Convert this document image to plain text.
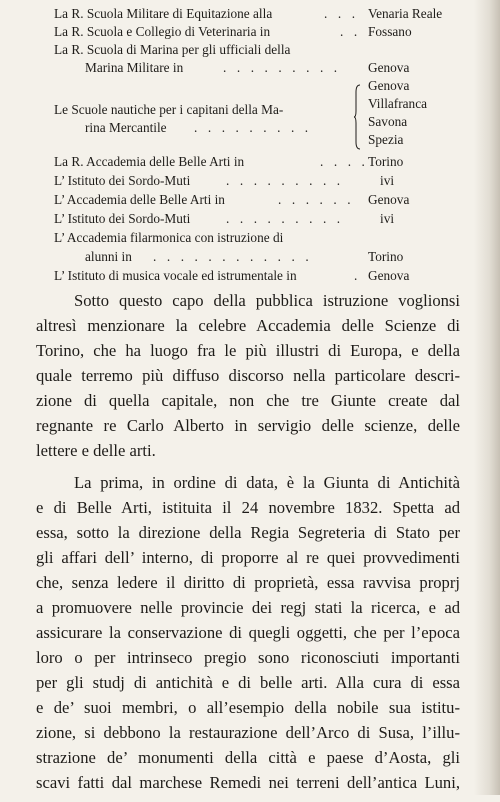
La R. Scuola Militare di Equitazione alla	. . . Venaria Reale
La R. Scuola e Collegio di Veterinaria in	. . Fossano
La R. Scuola di Marina per gli ufficiali della
Marina Militare in	. . . . . . . . . Genova
Le Scuole nautiche per i capitani della Ma-
rina Mercantile . . . . . . . . .
Genova
Villafranca
Savona
Spezia
La R. Accademia delle Belle Arti in	. . . . Torino
L’ Istituto dei Sordo-Muti	. . . . . . . . .	ivi
L’ Accademia delle Belle Arti in	. . . . . . Genova
L’ Istituto dei Sordo-Muti	. . . . . . . . .	ivi
L’ Accademia filarmonica con istruzione di
alunni in . . . . . . . . . . . .	Torino
L’ Istituto di musica vocale ed istrumentale in	. Genova
Sotto questo capo della pubblica istruzione voglionsi
altresì menzionare la celebre Accademia delle Scienze di
Torino, che ha luogo fra le più illustri di Europa, e della
quale terremo più diffuso discorso nella particolare descri-
zione di quella capitale, non che tre Giunte create dal
regnante re Carlo Alberto in servigio delle scienze, delle
lettere e delle arti.
La prima, in ordine di data, è la Giunta di Antichità
e di Belle Arti, istituita il 24 novembre 1832. Spetta ad
essa, sotto la direzione della Regia Segreteria di Stato per
gli affari dell’ interno, di proporre al re quei provvedimenti
che, senza ledere il diritto di proprietà, essa ravvisa proprj
a promuovere nelle provincie dei regj stati la ricerca, e ad
assicurare la conservazione di quegli oggetti, che per l’epoca
loro o per intrinseco pregio sono riconosciuti importanti
per gli studj di antichità e di belle arti. Alla cura di essa
e de’ suoi membri, o all’esempio della nobile sua istitu-
zione, si debbono la restaurazione dell’Arco di Susa, l’illu-
strazione de’ monumenti della città e paese d’Aosta, gli
scavi fatti dal marchese Remedi nei terreni dell’antica Luni,
